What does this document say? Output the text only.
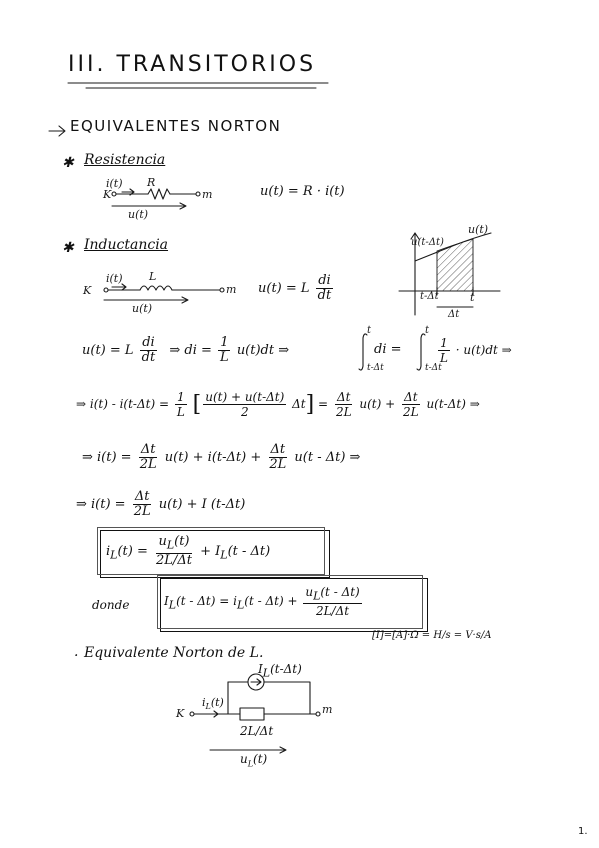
III. TRANSITORIOS
EQUIVALENTES NORTON
✱ Resistencia
K	m
i(t) R
u(t)
u(t) = R · i(t)
✱ Inductancia
K	m
i(t) L
u(t)
u(t) = L $\frac{di}{dt}$
u(t)
u(t-Δt)
t-Δt	t
Δt
u(t) = L $\frac{di}{dt}$ ⇒ di = $\frac{1}{L} u(t)dt$ ⇒
t
t-Δt
di =
t
t-Δt
$\frac{1}{L} \cdot u(t)dt$ ⇒
⇒ $i(t) - i(t-\Delta t) = \frac{1}{L}$ [ $\frac{u(t) + u(t-\Delta t)}{2} \Delta t] = \frac{\Delta t}{2L} u(t) + \frac{\Delta t}{2L} u(t-\Delta t)$ ⇒
⇒ $i(t) = \frac{\Delta t}{2L} u(t) + i(t-\Delta t) + \frac{\Delta t}{2L} u(t - \Delta t)$ ⇒
⇒ $i(t) = \frac{\Delta t}{2L} u(t) + I$ (t-Δt)
$i_L(t) = \frac{u_L(t)}{2L/\Delta t} + I_L(t - \Delta t)$
donde	$I_L(t - \Delta t) = i_L(t - \Delta t) + \frac{u_L(t - \Delta t)}{2L/\Delta t}$
[I]=[A]·Ω = H/s = V·s/A
· Equivalente Norton de L.
$I_L(t-\Delta t)$
K	m
$i_L(t)$
2L/Δt
$u_L(t)$
1.
